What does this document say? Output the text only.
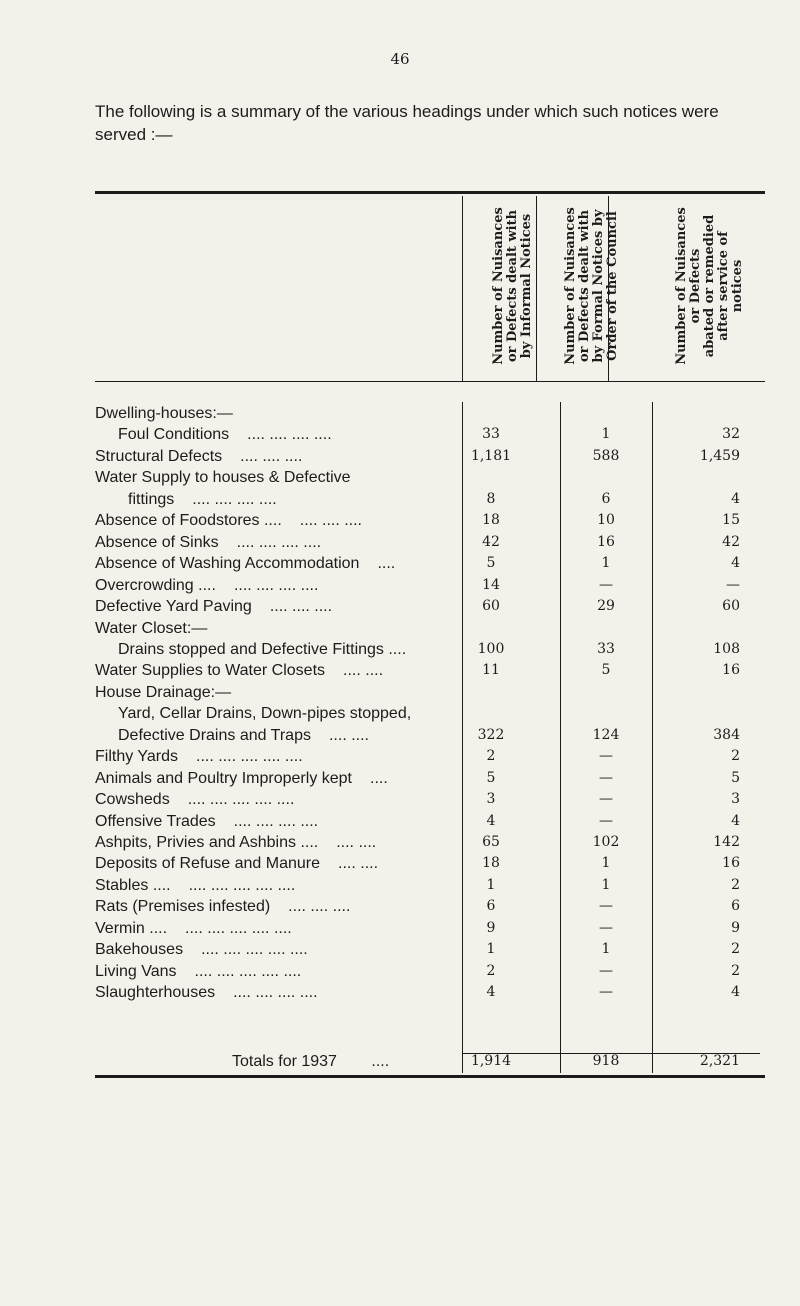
46
The following is a summary of the various headings under which such notices were served :—
Number of Nuisances
or Defects dealt with
by Informal Notices
Number of Nuisances
or Defects dealt with
by Formal Notices by
Order of the Council
Number of Nuisances
or Defects
abated or remedied
after service of
notices
Dwelling-houses:—
Foul Conditions .... .... .... ....	33	1	32
Structural Defects .... .... ....	1,181	588	1,459
Water Supply to houses & Defective
fittings .... .... .... ....	8	6	4
Absence of Foodstores .... .... .... ....	18	10	15
Absence of Sinks .... .... .... ....	42	16	42
Absence of Washing Accommodation ....	5	1	4
Overcrowding .... .... .... .... ....	14	—	—
Defective Yard Paving .... .... ....	60	29	60
Water Closet:—
Drains stopped and Defective Fittings ....	100	33	108
Water Supplies to Water Closets .... ....	11	5	16
House Drainage:—
Yard, Cellar Drains, Down-pipes stopped,
Defective Drains and Traps .... ....	322	124	384
Filthy Yards .... .... .... .... ....	2	—	2
Animals and Poultry Improperly kept ....	5	—	5
Cowsheds .... .... .... .... ....	3	—	3
Offensive Trades .... .... .... ....	4	—	4
Ashpits, Privies and Ashbins .... .... ....	65	102	142
Deposits of Refuse and Manure .... ....	18	1	16
Stables .... .... .... .... .... ....	1	1	2
Rats (Premises infested) .... .... ....	6	—	6
Vermin .... .... .... .... .... ....	9	—	9
Bakehouses .... .... .... .... ....	1	1	2
Living Vans .... .... .... .... ....	2	—	2
Slaughterhouses .... .... .... ....	4	—	4
Totals for 1937 ....	1,914	918	2,321
